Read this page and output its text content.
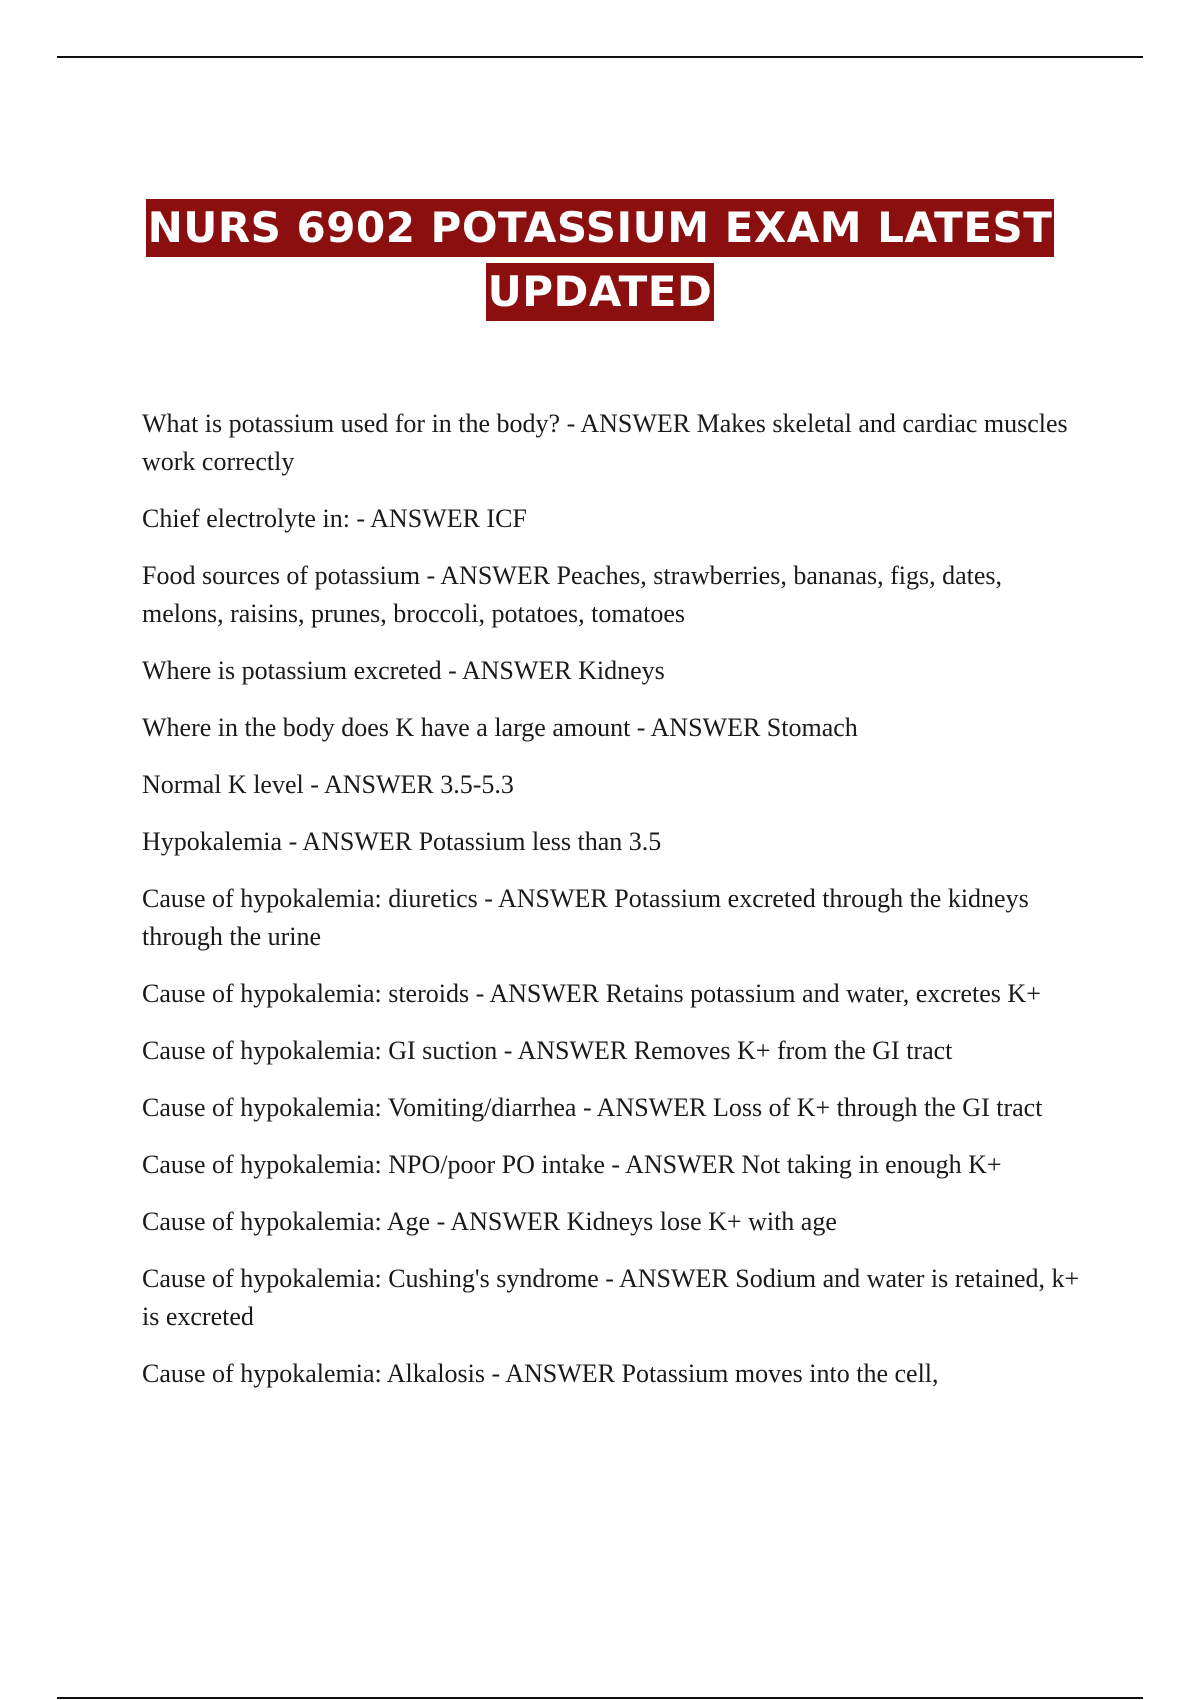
NURS 6902 POTASSIUM EXAM LATEST
UPDATED
What is potassium used for in the body? - ANSWER Makes skeletal and cardiac muscles work correctly
Chief electrolyte in: - ANSWER ICF
Food sources of potassium - ANSWER Peaches, strawberries, bananas, figs, dates, melons, raisins, prunes, broccoli, potatoes, tomatoes
Where is potassium excreted - ANSWER Kidneys
Where in the body does K have a large amount - ANSWER Stomach
Normal K level - ANSWER 3.5-5.3
Hypokalemia - ANSWER Potassium less than 3.5
Cause of hypokalemia: diuretics - ANSWER Potassium excreted through the kidneys through the urine
Cause of hypokalemia: steroids - ANSWER Retains potassium and water, excretes K+
Cause of hypokalemia: GI suction - ANSWER Removes K+ from the GI tract
Cause of hypokalemia: Vomiting/diarrhea - ANSWER Loss of K+ through the GI tract
Cause of hypokalemia: NPO/poor PO intake - ANSWER Not taking in enough K+
Cause of hypokalemia: Age - ANSWER Kidneys lose K+ with age
Cause of hypokalemia: Cushing's syndrome - ANSWER Sodium and water is retained, k+ is excreted
Cause of hypokalemia: Alkalosis - ANSWER Potassium moves into the cell,
